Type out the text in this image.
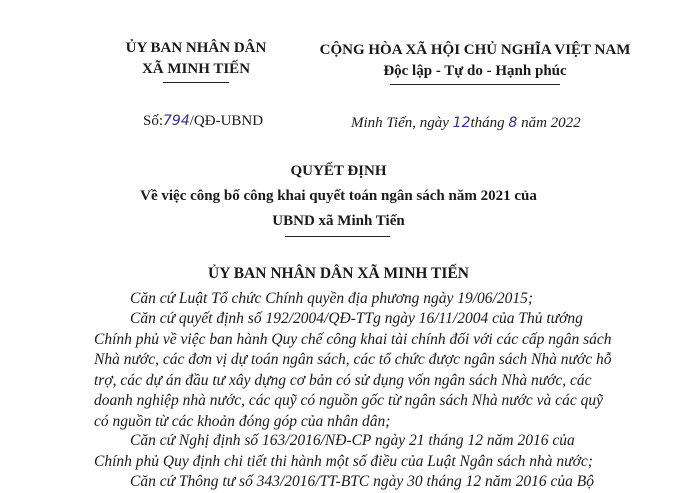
ỦY BAN NHÂN DÂN
XÃ MINH TIẾN
CỘNG HÒA XÃ HỘI CHỦ NGHĨA VIỆT NAM
Độc lập - Tự do - Hạnh phúc
Số:794/QĐ-UBND	Minh Tiến, ngày 12tháng 8 năm 2022
QUYẾT ĐỊNH
Về việc công bố công khai quyết toán ngân sách năm 2021 của
UBND xã Minh Tiến
ỦY BAN NHÂN DÂN XÃ MINH TIẾN
Căn cứ Luật Tổ chức Chính quyền địa phương ngày 19/06/2015;
Căn cứ quyết định số 192/2004/QĐ-TTg ngày 16/11/2004 của Thủ tướng
Chính phủ về việc ban hành Quy chế công khai tài chính đối với các cấp ngân sách
Nhà nước, các đơn vị dự toán ngân sách, các tổ chức được ngân sách Nhà nước hỗ
trợ, các dự án đầu tư xây dựng cơ bản có sử dụng vốn ngân sách Nhà nước, các
doanh nghiệp nhà nước, các quỹ có nguồn gốc từ ngân sách Nhà nước và các quỹ
có nguồn từ các khoản đóng góp của nhân dân;
Căn cứ Nghị định số 163/2016/NĐ-CP ngày 21 tháng 12 năm 2016 của
Chính phủ Quy định chi tiết thi hành một số điều của Luật Ngân sách nhà nước;
Căn cứ Thông tư số 343/2016/TT-BTC ngày 30 tháng 12 năm 2016 của Bộ
